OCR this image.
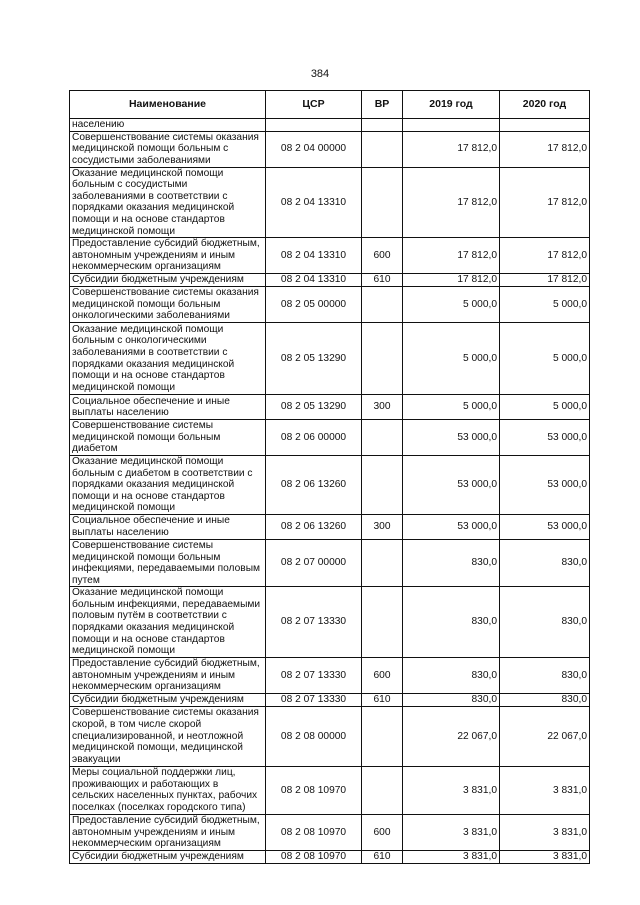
384
Наименование	ЦСР	ВР	2019 год	2020 год
населению				
Совершенствование системы оказания медицинской помощи больным с сосудистыми заболеваниями	08 2 04 00000		17 812,0	17 812,0
Оказание медицинской помощи больным с сосудистыми заболеваниями в соответствии с порядками оказания медицинской помощи и на основе стандартов медицинской помощи	08 2 04 13310		17 812,0	17 812,0
Предоставление субсидий бюджетным, автономным учреждениям и иным некоммерческим организациям	08 2 04 13310	600	17 812,0	17 812,0
Субсидии бюджетным учреждениям	08 2 04 13310	610	17 812,0	17 812,0
Совершенствование системы оказания медицинской помощи больным онкологическими заболеваниями	08 2 05 00000		5 000,0	5 000,0
Оказание медицинской помощи больным с онкологическими заболеваниями в соответствии с порядками оказания медицинской помощи и на основе стандартов медицинской помощи	08 2 05 13290		5 000,0	5 000,0
Социальное обеспечение и иные выплаты населению	08 2 05 13290	300	5 000,0	5 000,0
Совершенствование системы медицинской помощи больным диабетом	08 2 06 00000		53 000,0	53 000,0
Оказание медицинской помощи больным с диабетом в соответствии с порядками оказания медицинской помощи и на основе стандартов медицинской помощи	08 2 06 13260		53 000,0	53 000,0
Социальное обеспечение и иные выплаты населению	08 2 06 13260	300	53 000,0	53 000,0
Совершенствование системы медицинской помощи больным инфекциями, передаваемыми половым путем	08 2 07 00000		830,0	830,0
Оказание медицинской помощи больным инфекциями, передаваемыми половым путём в соответствии с порядками оказания медицинской помощи и на основе стандартов медицинской помощи	08 2 07 13330		830,0	830,0
Предоставление субсидий бюджетным, автономным учреждениям и иным некоммерческим организациям	08 2 07 13330	600	830,0	830,0
Субсидии бюджетным учреждениям	08 2 07 13330	610	830,0	830,0
Совершенствование системы оказания скорой, в том числе скорой специализированной, и неотложной медицинской помощи, медицинской эвакуации	08 2 08 00000		22 067,0	22 067,0
Меры социальной поддержки лиц, проживающих и работающих в сельских населенных пунктах, рабочих поселках (поселках городского типа)	08 2 08 10970		3 831,0	3 831,0
Предоставление субсидий бюджетным, автономным учреждениям и иным некоммерческим организациям	08 2 08 10970	600	3 831,0	3 831,0
Субсидии бюджетным учреждениям	08 2 08 10970	610	3 831,0	3 831,0
